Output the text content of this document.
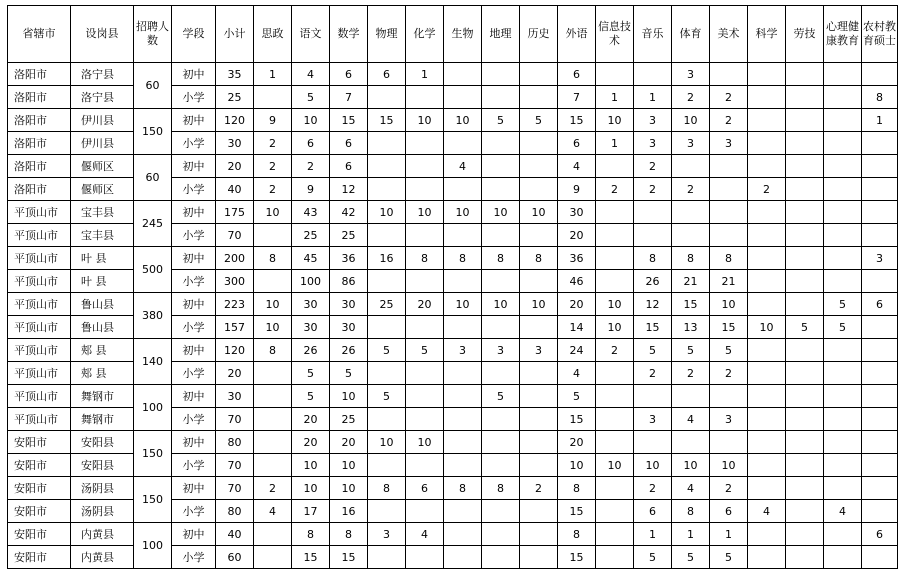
省辖市	设岗县	招聘人数	学段	小计	思政	语文	数学	物理	化学	生物	地理	历史	外语	信息技术	音乐	体育	美术	科学	劳技	心理健康教育	农村教育硕士
洛阳市	洛宁县	60	初中	35	1	4	6	6	1				6			3					
洛阳市	洛宁县		小学	25		5	7						7	1	1	2	2				8
洛阳市	伊川县	150	初中	120	9	10	15	15	10	10	5	5	15	10	3	10	2				1
洛阳市	伊川县		小学	30	2	6	6						6	1	3	3	3				
洛阳市	偃师区	60	初中	20	2	2	6			4			4		2						
洛阳市	偃师区		小学	40	2	9	12						9	2	2	2		2			
平顶山市	宝丰县	245	初中	175	10	43	42	10	10	10	10	10	30								
平顶山市	宝丰县		小学	70		25	25						20								
平顶山市	叶 县	500	初中	200	8	45	36	16	8	8	8	8	36		8	8	8				3
平顶山市	叶 县		小学	300		100	86						46		26	21	21				
平顶山市	鲁山县	380	初中	223	10	30	30	25	20	10	10	10	20	10	12	15	10			5	6
平顶山市	鲁山县		小学	157	10	30	30						14	10	15	13	15	10	5	5	
平顶山市	郏 县	140	初中	120	8	26	26	5	5	3	3	3	24	2	5	5	5				
平顶山市	郏 县		小学	20		5	5						4		2	2	2				
平顶山市	舞钢市	100	初中	30		5	10	5			5		5								
平顶山市	舞钢市		小学	70		20	25						15		3	4	3				
安阳市	安阳县	150	初中	80		20	20	10	10				20								
安阳市	安阳县		小学	70		10	10						10	10	10	10	10				
安阳市	汤阴县	150	初中	70	2	10	10	8	6	8	8	2	8		2	4	2				
安阳市	汤阴县		小学	80	4	17	16						15		6	8	6	4		4	
安阳市	内黄县	100	初中	40		8	8	3	4				8		1	1	1				6
安阳市	内黄县		小学	60		15	15						15		5	5	5				
